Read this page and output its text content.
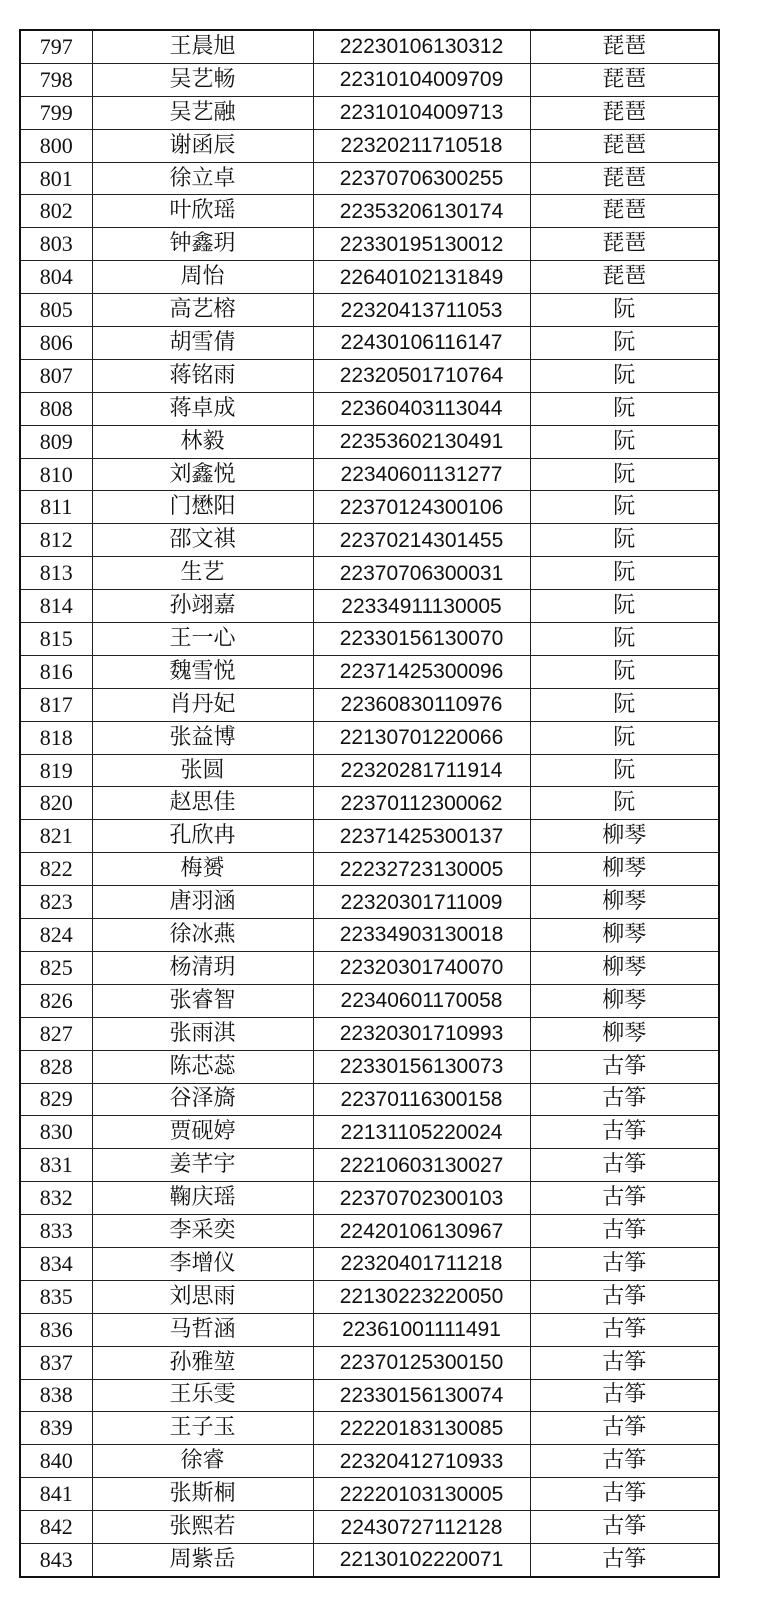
797	王晨旭	22230106130312	琵琶
798	吴艺畅	22310104009709	琵琶
799	吴艺融	22310104009713	琵琶
800	谢函辰	22320211710518	琵琶
801	徐立卓	22370706300255	琵琶
802	叶欣瑶	22353206130174	琵琶
803	钟鑫玥	22330195130012	琵琶
804	周怡	22640102131849	琵琶
805	高艺榕	22320413711053	阮
806	胡雪倩	22430106116147	阮
807	蒋铭雨	22320501710764	阮
808	蒋卓成	22360403113044	阮
809	林毅	22353602130491	阮
810	刘鑫悦	22340601131277	阮
811	门懋阳	22370124300106	阮
812	邵文祺	22370214301455	阮
813	生艺	22370706300031	阮
814	孙翊嘉	22334911130005	阮
815	王一心	22330156130070	阮
816	魏雪悦	22371425300096	阮
817	肖丹妃	22360830110976	阮
818	张益博	22130701220066	阮
819	张圆	22320281711914	阮
820	赵思佳	22370112300062	阮
821	孔欣冉	22371425300137	柳琴
822	梅赟	22232723130005	柳琴
823	唐羽涵	22320301711009	柳琴
824	徐冰燕	22334903130018	柳琴
825	杨清玥	22320301740070	柳琴
826	张睿智	22340601170058	柳琴
827	张雨淇	22320301710993	柳琴
828	陈芯蕊	22330156130073	古筝
829	谷泽旖	22370116300158	古筝
830	贾砚婷	22131105220024	古筝
831	姜芊宇	22210603130027	古筝
832	鞠庆瑶	22370702300103	古筝
833	李采奕	22420106130967	古筝
834	李增仪	22320401711218	古筝
835	刘思雨	22130223220050	古筝
836	马哲涵	22361001111491	古筝
837	孙雅堃	22370125300150	古筝
838	王乐雯	22330156130074	古筝
839	王子玉	22220183130085	古筝
840	徐睿	22320412710933	古筝
841	张斯桐	22220103130005	古筝
842	张熙若	22430727112128	古筝
843	周紫岳	22130102220071	古筝
